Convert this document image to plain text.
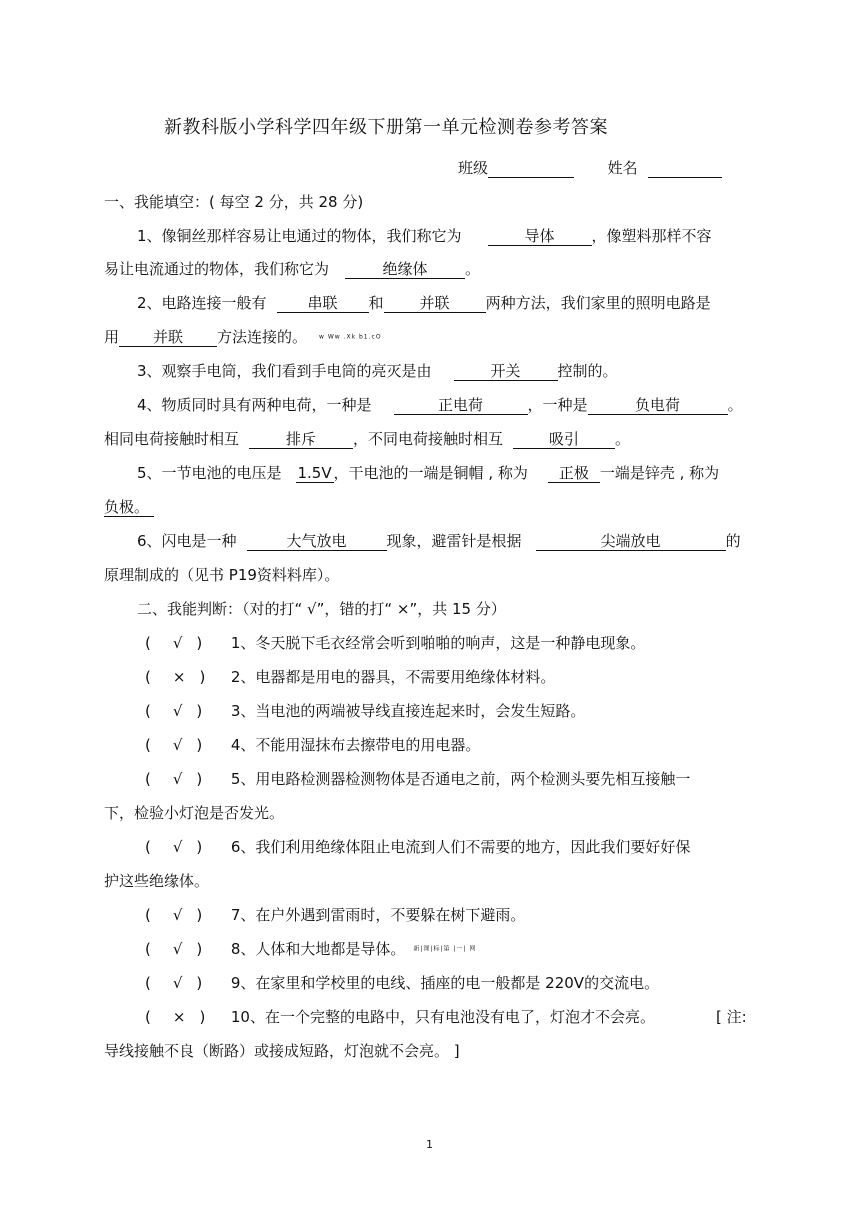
新教科版小学科学四年级下册第一单元检测卷参考答案
班级	姓名
一、我能填空：( 每空 2 分，共 28 分)
1、像铜丝那样容易让电通过的物体，我们称它为	导体 ，像塑料那样不容
易让电流通过的物体，我们称它为	绝缘体	。
2、电路连接一般有	串联 和 并联 两种方法，我们家里的照明电路是
用 并联 方法连接的。 w Ww .Xk b1.cO
3、观察手电筒，我们看到手电筒的亮灭是由	开关 控制的。
4、物质同时具有两种电荷，一种是	正电荷	，一种是	负电荷	。
相同电荷接触时相互	排斥 ，不同电荷接触时相互	吸引 。
5、一节电池的电压是 1.5V ，干电池的一端是铜帽 , 称为 正极 一端是锌壳 , 称为
负极。
6、闪电是一种	大气放电	现象，避雷针是根据	尖端放电	的
原理制成的（见书 P19资料料库）。
二、我能判断：（对的打“ √”，错的打“ ×”，共 15 分）
( √ ) 1、冬天脱下毛衣经常会听到啪啪的响声，这是一种静电现象。
( × ) 2、电器都是用电的器具，不需要用绝缘体材料。
( √ ) 3、当电池的两端被导线直接连起来时，会发生短路。
( √ ) 4、不能用湿抹布去擦带电的用电器。
( √ ) 5、用电路检测器检测物体是否通电之前，两个检测头要先相互接触一
下，检验小灯泡是否发光。
( √ ) 6、我们利用绝缘体阻止电流到人们不需要的地方，因此我们要好好保
护这些绝缘体。
( √ ) 7、在户外遇到雷雨时，不要躲在树下避雨。
( √ ) 8、人体和大地都是导体。 新|课|标|第 |一| 网
( √ ) 9、在家里和学校里的电线、插座的电一般都是 220V的交流电。
( × ) 10、在一个完整的电路中，只有电池没有电了，灯泡才不会亮。	[ 注:
导线接触不良（断路）或接成短路，灯泡就不会亮。 ]
1
